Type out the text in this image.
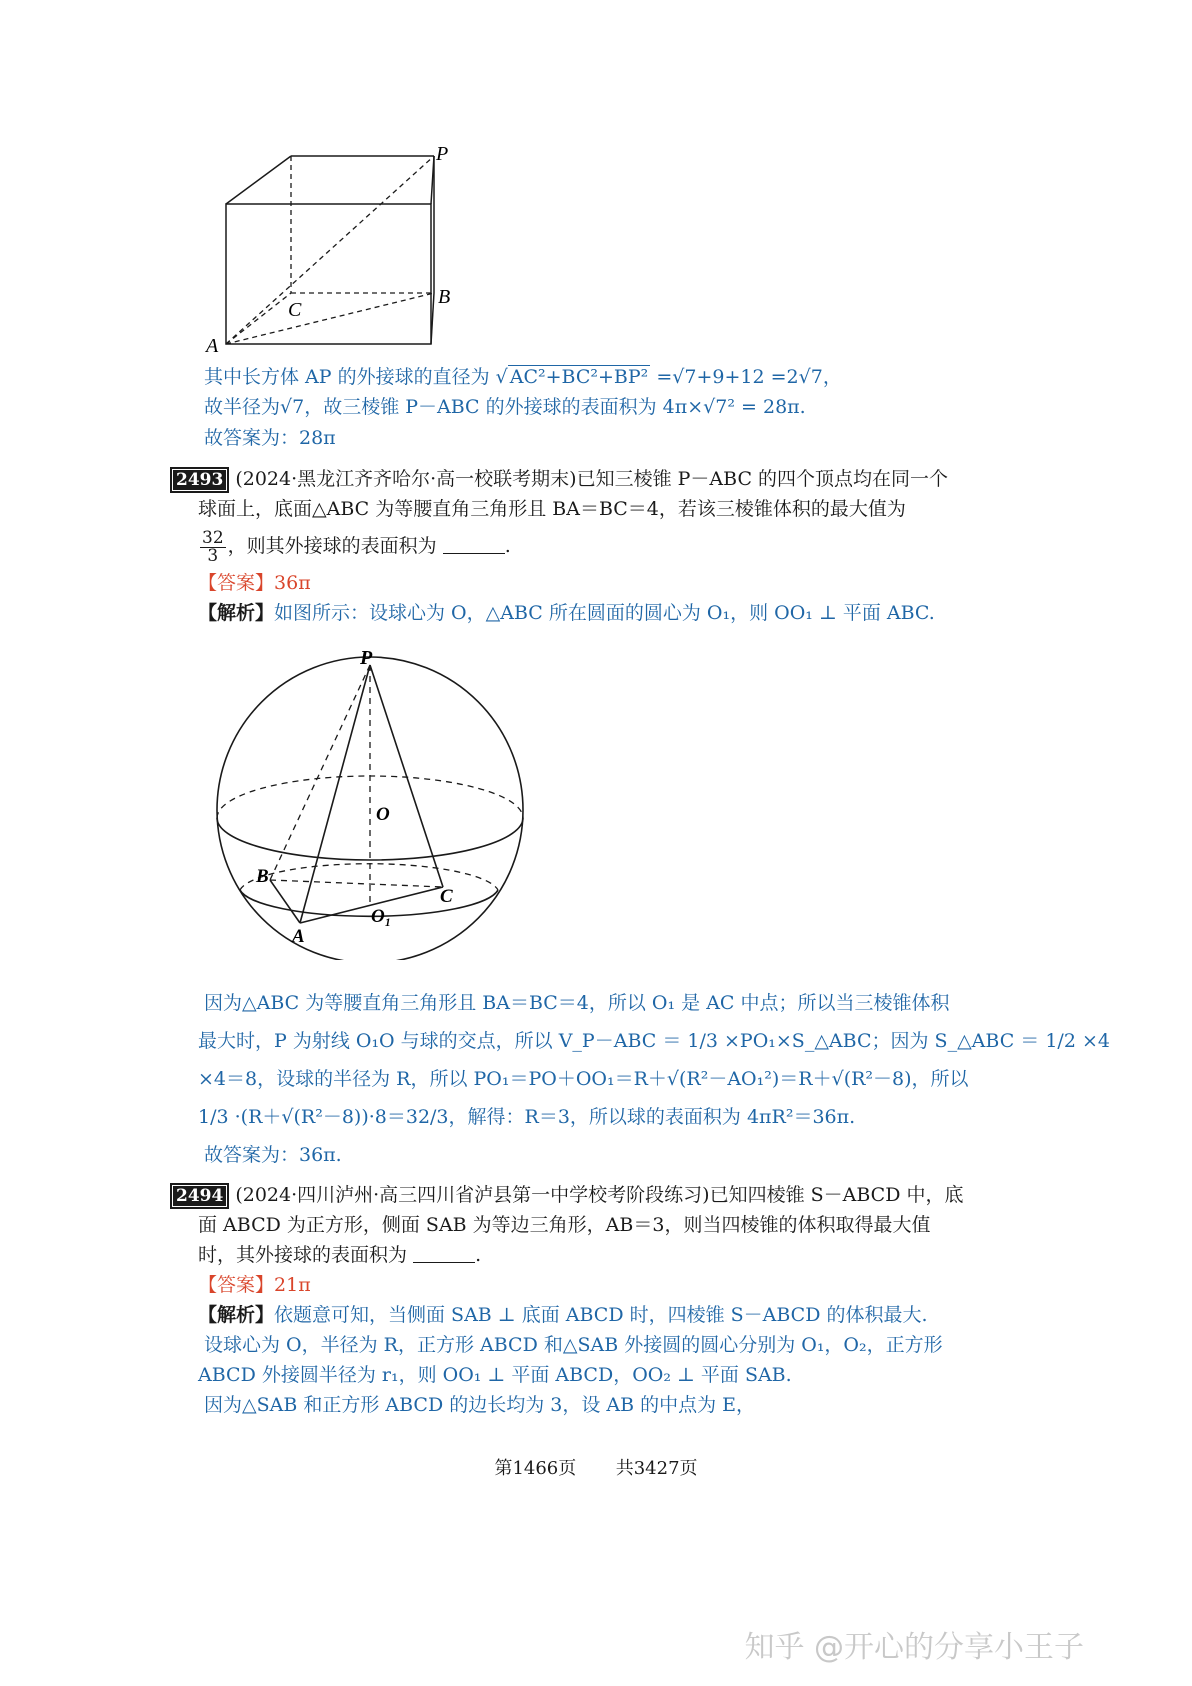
P
B
C
A
其中长方体 AP 的外接球的直径为 √ AC²+BC²+BP² =√7+9+12 =2√7，
故半径为√7，故三棱锥 P－ABC 的外接球的表面积为 4π×√7² = 28π.
故答案为：28π
2493 (2024·黑龙江齐齐哈尔·高一校联考期末)已知三棱锥 P－ABC 的四个顶点均在同一个
球面上，底面△ABC 为等腰直角三角形且 BA＝BC＝4，若该三棱锥体积的最大值为
$\frac{32}{3}$ ，则其外接球的表面积为	.
【答案】36π
【解析】如图所示：设球心为 O，△ABC 所在圆面的圆心为 O₁，则 OO₁ ⊥ 平面 ABC.
P
O
B
C
O₁
A
因为△ABC 为等腰直角三角形且 BA＝BC＝4，所以 O₁ 是 AC 中点；所以当三棱锥体积
最大时，P 为射线 O₁O 与球的交点，所以 V_P－ABC ＝ 1/3 ×PO₁×S_△ABC；因为 S_△ABC ＝ 1/2 ×4
×4＝8，设球的半径为 R，所以 PO₁＝PO＋OO₁＝R＋√(R²－AO₁²)＝R＋√(R²－8)，所以
1/3 ·(R＋√(R²－8))·8＝32/3，解得：R＝3，所以球的表面积为 4πR²＝36π.
故答案为：36π.
2494 (2024·四川泸州·高三四川省泸县第一中学校考阶段练习)已知四棱锥 S－ABCD 中，底
面 ABCD 为正方形，侧面 SAB 为等边三角形，AB＝3，则当四棱锥的体积取得最大值
时，其外接球的表面积为	.
【答案】21π
【解析】依题意可知，当侧面 SAB ⊥ 底面 ABCD 时，四棱锥 S－ABCD 的体积最大.
设球心为 O，半径为 R，正方形 ABCD 和△SAB 外接圆的圆心分别为 O₁，O₂，正方形
ABCD 外接圆半径为 r₁，则 OO₁ ⊥ 平面 ABCD，OO₂ ⊥ 平面 SAB.
因为△SAB 和正方形 ABCD 的边长均为 3，设 AB 的中点为 E，
第1466页 共3427页
知乎 @开心的分享小王子
